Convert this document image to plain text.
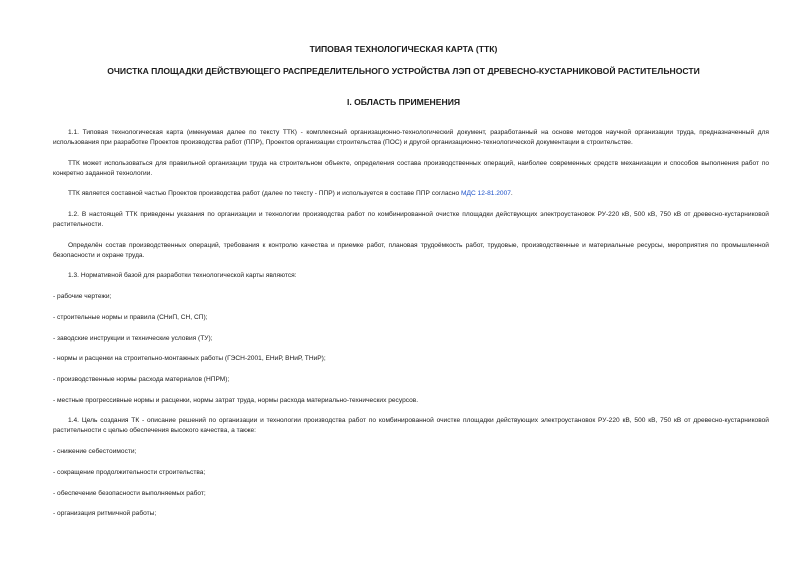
ТИПОВАЯ ТЕХНОЛОГИЧЕСКАЯ КАРТА (ТТК)
ОЧИСТКА ПЛОЩАДКИ ДЕЙСТВУЮЩЕГО РАСПРЕДЕЛИТЕЛЬНОГО УСТРОЙСТВА ЛЭП ОТ ДРЕВЕСНО-КУСТАРНИКОВОЙ РАСТИТЕЛЬНОСТИ
I. ОБЛАСТЬ ПРИМЕНЕНИЯ
1.1. Типовая технологическая карта (именуемая далее по тексту ТТК) - комплексный организационно-технологический документ, разработанный на основе методов научной организации труда, предназначенный для использования при разработке Проектов производства работ (ППР), Проектов организации строительства (ПОС) и другой организационно-технологической документации в строительстве.
ТТК может использоваться для правильной организации труда на строительном объекте, определения состава производственных операций, наиболее современных средств механизации и способов выполнения работ по конкретно заданной технологии.
ТТК является составной частью Проектов производства работ (далее по тексту - ППР) и используется в составе ППР согласно МДС 12-81.2007.
1.2. В настоящей ТТК приведены указания по организации и технологии производства работ по комбинированной очистке площадки действующих электроустановок РУ-220 кВ, 500 кВ, 750 кВ от древесно-кустарниковой растительности.
Определён состав производственных операций, требования к контролю качества и приемке работ, плановая трудоёмкость работ, трудовые, производственные и материальные ресурсы, мероприятия по промышленной безопасности и охране труда.
1.3. Нормативной базой для разработки технологической карты являются:
- рабочие чертежи;
- строительные нормы и правила (СНиП, СН, СП);
- заводские инструкции и технические условия (ТУ);
- нормы и расценки на строительно-монтажных работы (ГЭСН-2001, ЕНиР, ВНиР, ТНиР);
- производственные нормы расхода материалов (НПРМ);
- местные прогрессивные нормы и расценки, нормы затрат труда, нормы расхода материально-технических ресурсов.
1.4. Цель создания ТК - описание решений по организации и технологии производства работ по комбинированной очистке площадки действующих электроустановок РУ-220 кВ, 500 кВ, 750 кВ от древесно-кустарниковой растительности с целью обеспечения высокого качества, а также:
- снижение себестоимости;
- сокращение продолжительности строительства;
- обеспечение безопасности выполняемых работ;
- организация ритмичной работы;
